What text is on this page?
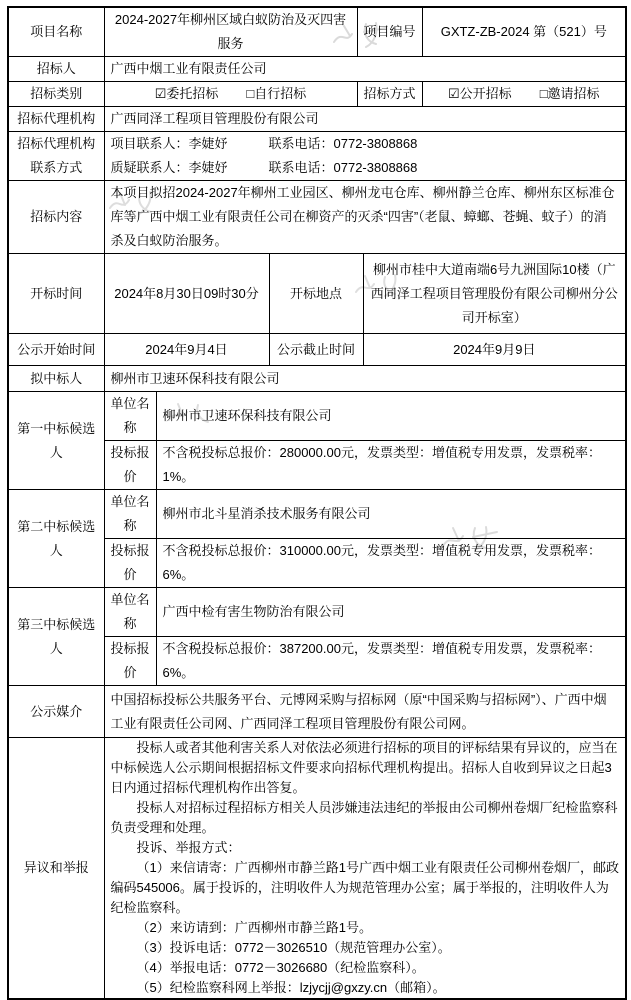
项目名称	2024-2027年柳州区域白蚁防治及灭四害服务			项目编号		GXTZ-ZB-2024 第（521）号
招标人	广西中烟工业有限责任公司					
招标类别	☑委托招标 □自行招标			招标方式		☑公开招标 □邀请招标

招标代理机构	广西同泽工程项目管理股份有限公司					
招标代理机构联系方式	项目联系人：李婕妤 联系电话：0772-3808868
质疑联系人：李婕妤 联系电话：0772-3808868					

招标内容	本项目拟招2024-2027年柳州工业园区、柳州龙屯仓库、柳州静兰仓库、柳州东区标准仓库等广西中烟工业有限责任公司在柳资产的灭杀“四害”（老鼠、蟑螂、苍蝇、蚊子）的消杀及白蚁防治服务。					
开标时间	2024年8月30日09时30分		开标地点		柳州市桂中大道南端6号九洲国际10楼（广西同泽工程项目管理股份有限公司柳州分公司开标室）	
公示开始时间	2024年9月4日		公示截止时间		2024年9月9日	
拟中标人	柳州市卫速环保科技有限公司					
第一中标候选人	单位名称	柳州市卫速环保科技有限公司				
	投标报价	不含税投标总报价：280000.00元，发票类型：增值税专用发票，发票税率：1%。				
第二中标候选人	单位名称	柳州市北斗星消杀技术服务有限公司				
	投标报价	不含税投标总报价：310000.00元，发票类型：增值税专用发票，发票税率：6%。				
第三中标候选人	单位名称	广西中检有害生物防治有限公司				
	投标报价	不含税投标总报价：387200.00元，发票类型：增值税专用发票，发票税率：6%。				
公示媒介	中国招标投标公共服务平台、元博网采购与招标网（原“中国采购与招标网”）、广西中烟工业有限责任公司网、广西同泽工程项目管理股份有限公司网。					
异议和举报	

投标人或者其他利害关系人对依法必须进行招标的项目的评标结果有异议的，应当在中标候选人公示期间根据招标文件要求向招标代理机构提出。招标人自收到异议之日起3日内通过招标代理机构作出答复。

投标人对招标过程招标方相关人员涉嫌违法违纪的举报由公司柳州卷烟厂纪检监察科负责受理和处理。

投诉、举报方式：

（1）来信请寄：广西柳州市静兰路1号广西中烟工业有限责任公司柳州卷烟厂，邮政编码545006。属于投诉的，注明收件人为规范管理办公室；属于举报的，注明收件人为纪检监察科。

（2）来访请到：广西柳州市静兰路1号。

（3）投诉电话：0772－3026510（规范管理办公室）。

（4）举报电话：0772－3026680（纪检监察科）。

（5）纪检监察科网上举报：lzjycjj@gxzy.cn（邮箱）。
